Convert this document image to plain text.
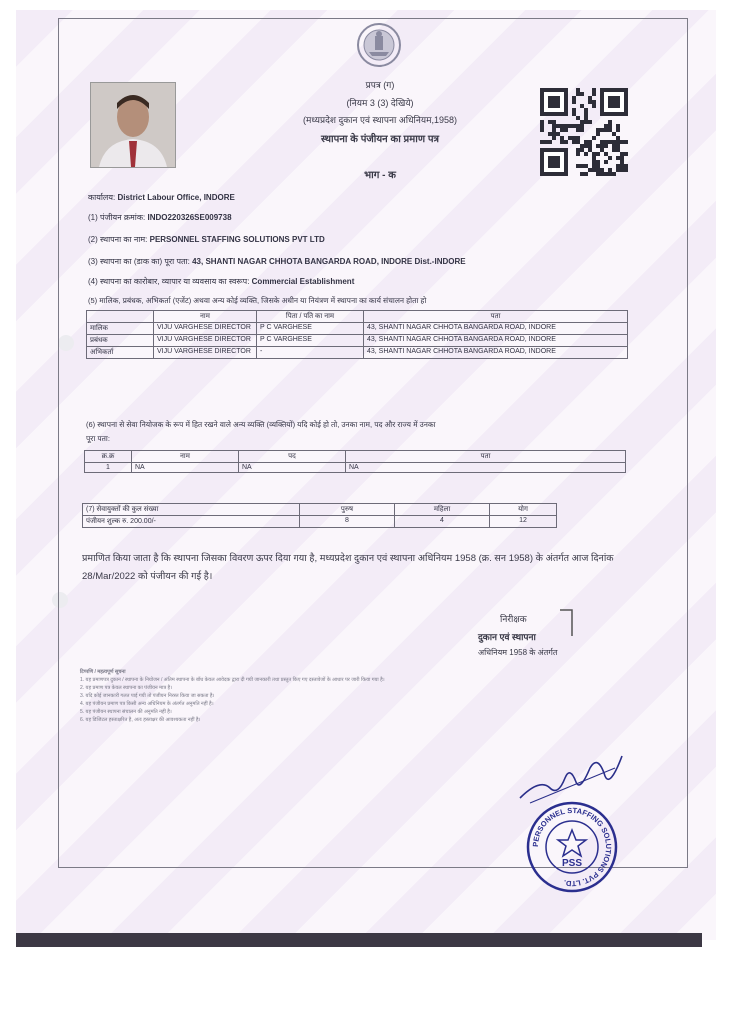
प्रपत्र (ग)
(नियम 3 (3) देखिये)
(मध्यप्रदेश दुकान एवं स्थापना अधिनियम,1958)
स्थापना के पंजीयन का प्रमाण पत्र
भाग - क
कार्यालय: District Labour Office, INDORE
(1) पंजीयन क्रमांक: INDO220326SE009738
(2) स्थापना का नाम: PERSONNEL STAFFING SOLUTIONS PVT LTD
(3) स्थापना का (डाक का) पूरा पता: 43, SHANTI NAGAR CHHOTA BANGARDA ROAD, INDORE Dist.-INDORE
(4) स्थापना का कारोबार, व्यापार या व्यवसाय का स्वरूप: Commercial Establishment
(5) मालिक, प्रबंधक, अभिकर्ता (एजेंट) अथवा अन्य कोई व्यक्ति, जिसके अधीन या नियंत्रण में स्थापना का कार्य संचालन होता हो
	नाम	पिता / पति का नाम	पता
मालिक	VIJU VARGHESE DIRECTOR	P C VARGHESE	43, SHANTI NAGAR CHHOTA BANGARDA ROAD, INDORE
प्रबंधक	VIJU VARGHESE DIRECTOR	P C VARGHESE	43, SHANTI NAGAR CHHOTA BANGARDA ROAD, INDORE
अभिकर्ता	VIJU VARGHESE DIRECTOR	-	43, SHANTI NAGAR CHHOTA BANGARDA ROAD, INDORE
(6) स्थापना से सेवा नियोजक के रूप में हित रखने वाले अन्य व्यक्ति (व्यक्तियों) यदि कोई हो तो, उनका नाम, पद और राज्य में उनका
पूरा पता:
क्र.क्र	नाम	पद	पता
1	NA	NA	NA
(7) सेवायुक्तों की कुल संख्या	पुरुष	महिला	योग
पंजीयन शुल्क रु. 200.00/-	8	4	12
प्रमाणित किया जाता है कि स्थापना जिसका विवरण ऊपर दिया गया है, मध्यप्रदेश दुकान एवं स्थापना अधिनियम 1958 (क्र. सन 1958) के अंतर्गत आज दिनांक 28/Mar/2022 को पंजीयन की गई है।
निरीक्षक
दुकान एवं स्थापना
अधिनियम 1958 के अंतर्गत
टिप्पणि / महत्वपूर्ण सूचना
1. यह प्रमाणपत्र दुकान / स्थापना के नियोजन / अंतिम स्थापना के बाँध केवल आवेदक द्वारा दी गयी जानकारी तथा प्रस्तुत किए गए दस्तावेजों के आधार पर जारी किया गया है।
2. यह प्रमाण पत्र केवल स्थापना का पंजीयन मात्र है।
3. यदि कोई जानकारी गलत पाई गयी तो पंजीयन निरस्त किया जा सकता है।
4. यह पंजीयन प्रमाण पत्र किसी अन्य अधिनियम के अंतर्गत अनुमति नहीं है।
5. यह पंजीयन स्थापना संचालन की अनुमति नहीं है।
6. यह डिजिटल हस्ताक्षरित है, अतः हस्ताक्षर की आवश्यकता नहीं है।
PERSONNEL STAFFING SOLUTIONS PVT. LTD.
PSS
